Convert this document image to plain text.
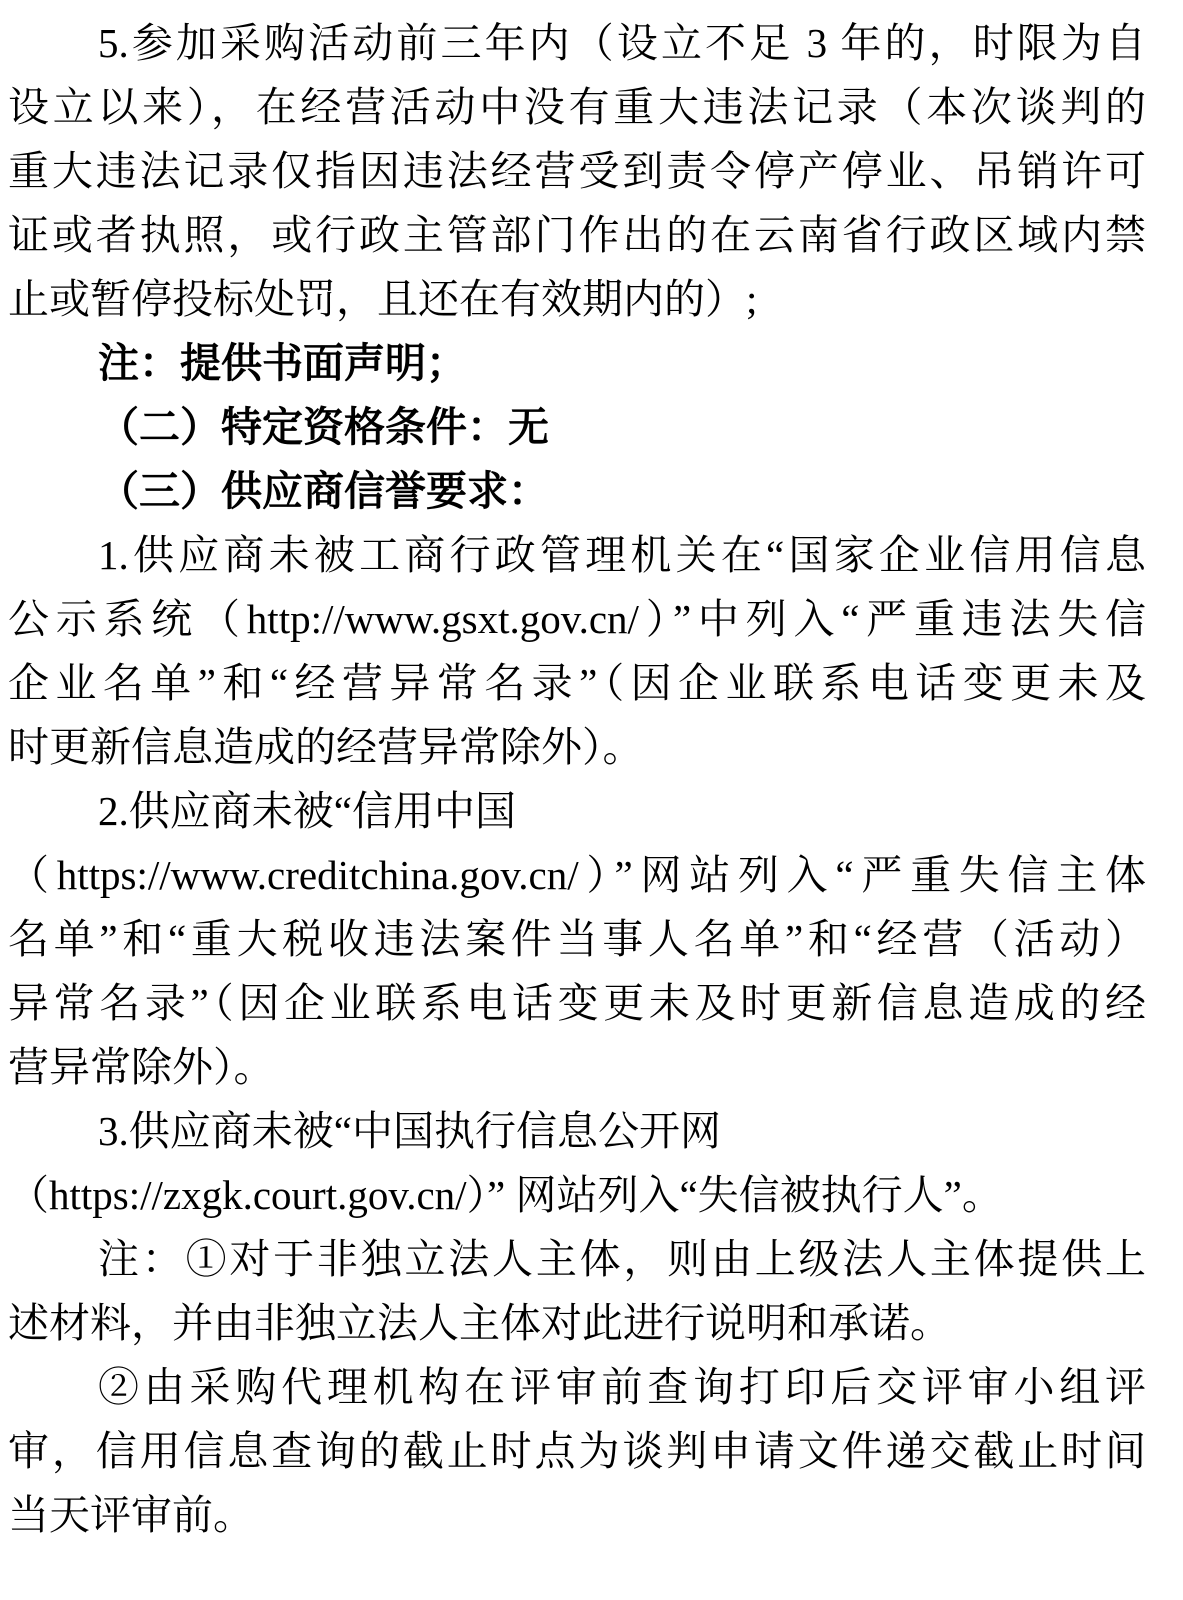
5.参加采购活动前三年内（设立不足 3 年的，时限为自
设立以来），在经营活动中没有重大违法记录（本次谈判的
重大违法记录仅指因违法经营受到责令停产停业、吊销许可
证或者执照，或行政主管部门作出的在云南省行政区域内禁
止或暂停投标处罚，且还在有效期内的）;
注：提供书面声明；
（二）特定资格条件：无
（三）供应商信誉要求：
1.供应商未被工商行政管理机关在“国家企业信用信息
公示系统（http://www.gsxt.gov.cn/）”中列入“严重违法失信
企业名单”和“经营异常名录”（因企业联系电话变更未及
时更新信息造成的经营异常除外）。
2.供应商未被“信用中国
（https://www.creditchina.gov.cn/）”网站列入“严重失信主体
名单”和“重大税收违法案件当事人名单”和“经营（活动）
异常名录”（因企业联系电话变更未及时更新信息造成的经
营异常除外）。
3.供应商未被“中国执行信息公开网
（https://zxgk.court.gov.cn/）” 网站列入“失信被执行人”。
注：①对于非独立法人主体，则由上级法人主体提供上
述材料，并由非独立法人主体对此进行说明和承诺。
②由采购代理机构在评审前查询打印后交评审小组评
审，信用信息查询的截止时点为谈判申请文件递交截止时间
当天评审前。
